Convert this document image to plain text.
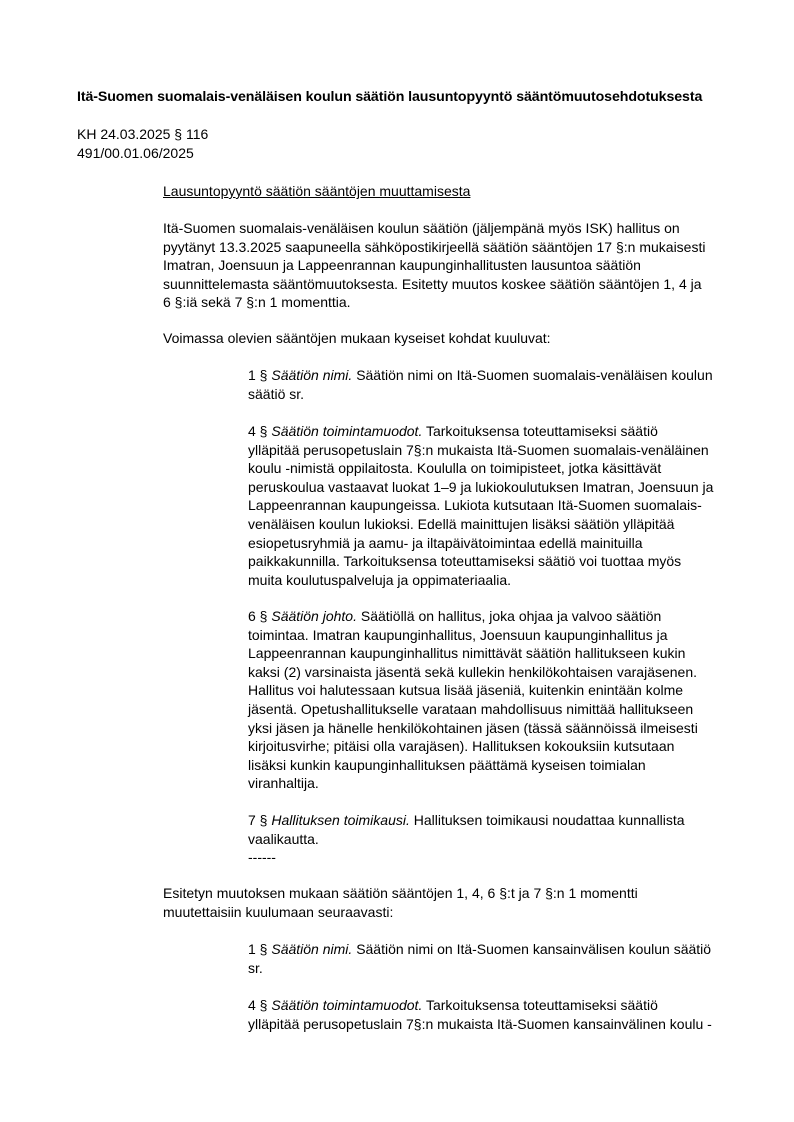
Itä-Suomen suomalais-venäläisen koulun säätiön lausuntopyyntö sääntömuutosehdotuksesta
KH 24.03.2025 § 116
491/00.01.06/2025
Lausuntopyyntö säätiön sääntöjen muuttamisesta
Itä-Suomen suomalais-venäläisen koulun säätiön (jäljempänä myös ISK) hallitus on
pyytänyt 13.3.2025 saapuneella sähköpostikirjeellä säätiön sääntöjen 17 §:n mukaisesti
Imatran, Joensuun ja Lappeenrannan kaupunginhallitusten lausuntoa säätiön
suunnittelemasta sääntömuutoksesta. Esitetty muutos koskee säätiön sääntöjen 1, 4 ja
6 §:iä sekä 7 §:n 1 momenttia.
Voimassa olevien sääntöjen mukaan kyseiset kohdat kuuluvat:
1 § Säätiön nimi. Säätiön nimi on Itä-Suomen suomalais-venäläisen koulun
säätiö sr.
4 § Säätiön toimintamuodot. Tarkoituksensa toteuttamiseksi säätiö
ylläpitää perusopetuslain 7§:n mukaista Itä-Suomen suomalais-venäläinen
koulu -nimistä oppilaitosta. Koululla on toimipisteet, jotka käsittävät
peruskoulua vastaavat luokat 1–9 ja lukiokoulutuksen Imatran, Joensuun ja
Lappeenrannan kaupungeissa. Lukiota kutsutaan Itä-Suomen suomalais-
venäläisen koulun lukioksi. Edellä mainittujen lisäksi säätiön ylläpitää
esiopetusryhmiä ja aamu- ja iltapäivätoimintaa edellä mainituilla
paikkakunnilla. Tarkoituksensa toteuttamiseksi säätiö voi tuottaa myös
muita koulutuspalveluja ja oppimateriaalia.
6 § Säätiön johto. Säätiöllä on hallitus, joka ohjaa ja valvoo säätiön
toimintaa. Imatran kaupunginhallitus, Joensuun kaupunginhallitus ja
Lappeenrannan kaupunginhallitus nimittävät säätiön hallitukseen kukin
kaksi (2) varsinaista jäsentä sekä kullekin henkilökohtaisen varajäsenen.
Hallitus voi halutessaan kutsua lisää jäseniä, kuitenkin enintään kolme
jäsentä. Opetushallitukselle varataan mahdollisuus nimittää hallitukseen
yksi jäsen ja hänelle henkilökohtainen jäsen (tässä säännöissä ilmeisesti
kirjoitusvirhe; pitäisi olla varajäsen). Hallituksen kokouksiin kutsutaan
lisäksi kunkin kaupunginhallituksen päättämä kyseisen toimialan
viranhaltija.
7 § Hallituksen toimikausi. Hallituksen toimikausi noudattaa kunnallista
vaalikautta.
------
Esitetyn muutoksen mukaan säätiön sääntöjen 1, 4, 6 §:t ja 7 §:n 1 momentti
muutettaisiin kuulumaan seuraavasti:
1 § Säätiön nimi. Säätiön nimi on Itä-Suomen kansainvälisen koulun säätiö
sr.
4 § Säätiön toimintamuodot. Tarkoituksensa toteuttamiseksi säätiö
ylläpitää perusopetuslain 7§:n mukaista Itä-Suomen kansainvälinen koulu -
